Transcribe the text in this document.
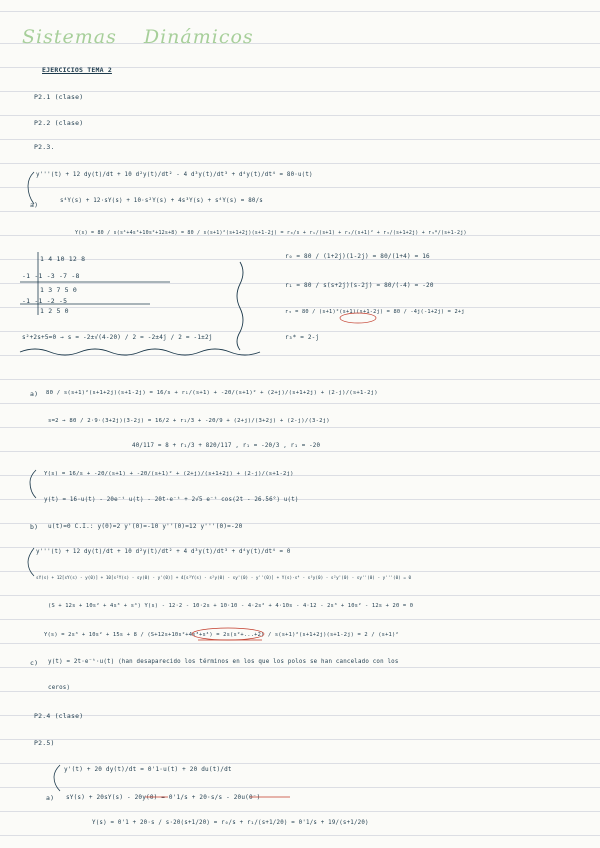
Sistemas Dinámicos
EJERCICIOS TEMA 2
P2.1 (clase)
P2.2 (clase)
P2.3.
y'''(t) + 12 dy(t)/dt + 10 d²y(t)/dt² - 4 d³y(t)/dt³ + d⁴y(t)/dt⁴ = 80·u(t)
a)	s⁴Y(s) + 12·sY(s) + 10·s²Y(s) + 4s³Y(s) + s⁴Y(s) = 80/s
Y(s) = 80 / s(s⁴+4s³+10s²+12s+8) = 80 / s(s+1)²(s+1+2j)(s+1-2j) = r₀/s + r₁/(s+1) + r₂/(s+1)² + r₃/(s+1+2j) + r₃*/(s+1-2j)
1 4 10 12 8
-1 -1 -3 -7 -8
1 3 7 5 0
-1 -1 -2 -5
1 2 5 0
r₀ = 80 / (1+2j)(1-2j) = 80/(1+4) = 16
r₁ = 80 / s(s+2j)(s-2j) = 80/(-4) = -20
r₃ = 80 / (s+1)²(s+1)(s+1-2j) = 80 / -4j(-1+2j) = 2+j
r₃* = 2-j
s²+2s+5=0 → s = -2±√(4-20) / 2 = -2±4j / 2 = -1±2j
a) 80 / s(s+1)²(s+1+2j)(s+1-2j) = 16/s + r₁/(s+1) + -20/(s+1)² + (2+j)/(s+1+2j) + (2-j)/(s+1-2j)
s=2 → 80 / 2·9·(3+2j)(3-2j) = 16/2 + r₁/3 + -20/9 + (2+j)/(3+2j) + (2-j)/(3-2j)
40/117 = 8 + r₁/3 + 820/117 , r₁ = -20/3 , r₁ = -20
Y(s) = 16/s + -20/(s+1) + -20/(s+1)² + (2+j)/(s+1+2j) + (2-j)/(s+1-2j)
y(t) = 16·u(t) - 20e⁻ᵗ u(t) - 20t·e⁻ᵗ + 2√5 e⁻ᵗ cos(2t - 26.56°) u(t)
b) u(t)=0 C.I.: y(0)=2 y'(0)=-10 y''(0)=12 y'''(0)=-20
y'''(t) + 12 dy(t)/dt + 10 d²y(t)/dt² + 4 d³y(t)/dt³ + d⁴y(t)/dt⁴ = 0
sY(s) + 12[sY(s) - y(0)] + 10[s²Y(s) - sy(0) - y'(0)] + 4[s³Y(s) - s²y(0) - sy'(0) - y''(0)] + Y(s)·s⁴ - s³y(0) - s²y'(0) - sy''(0) - y'''(0) = 0
(S + 12s + 10s² + 4s³ + s⁴) Y(s) - 12·2 - 10·2s + 10·10 - 4·2s² + 4·10s - 4·12 - 2s³ + 10s² - 12s + 20 = 0
Y(s) = 2s³ + 10s² + 15s + 8 / (S+12s+10s²+4s³+s⁴) = 2s(s²+...+2) / s(s+1)²(s+1+2j)(s+1-2j) = 2 / (s+1)²
c) y(t) = 2t·e⁻ᵗ·u(t) (han desaparecido los términos en los que los polos se han cancelado con los
ceros)
P2.4 (clase)
P2.5)
y'(t) + 20 dy(t)/dt = 0'1·u(t) + 20 du(t)/dt
a) sY(s) + 20sY(s) - 20y(0) = 0'1/s + 20·s/s - 20u(0⁻)
Y(s) = 0'1 + 20·s / s·20(s+1/20) = r₀/s + r₁/(s+1/20) = 0'1/s + 19/(s+1/20)
